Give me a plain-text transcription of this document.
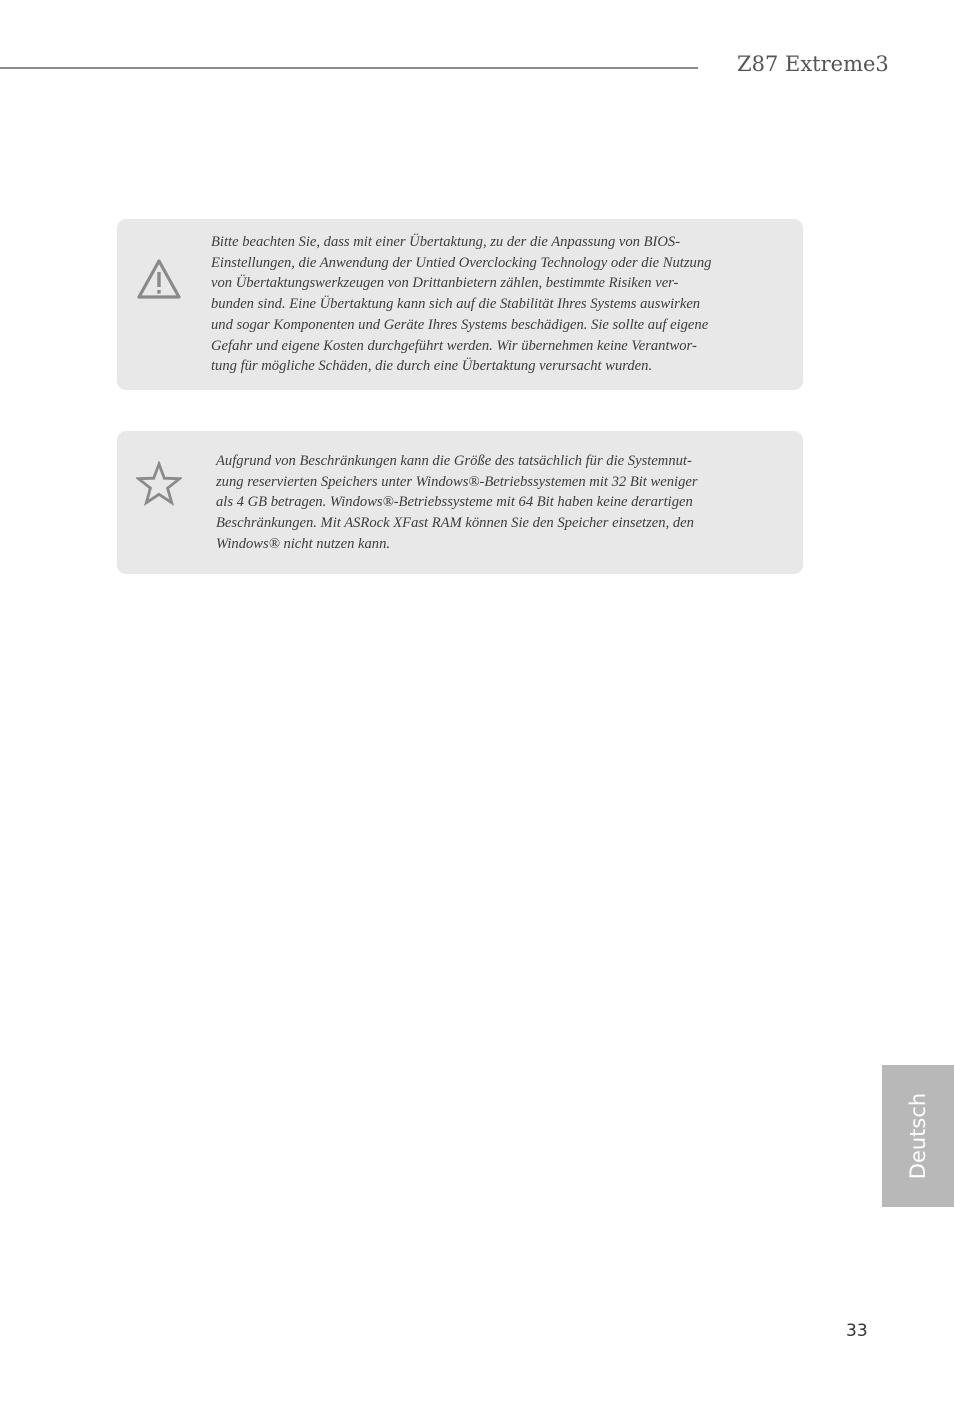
Z87 Extreme3

Bitte beachten Sie, dass mit einer Übertaktung, zu der die Anpassung von BIOS-
Einstellungen, die Anwendung der Untied Overclocking Technology oder die Nutzung
von Übertaktungswerkzeugen von Drittanbietern zählen, bestimmte Risiken ver-
bunden sind. Eine Übertaktung kann sich auf die Stabilität Ihres Systems auswirken
und sogar Komponenten und Geräte Ihres Systems beschädigen. Sie sollte auf eigene
Gefahr und eigene Kosten durchgeführt werden. Wir übernehmen keine Verantwor-
tung für mögliche Schäden, die durch eine Übertaktung verursacht wurden.

Aufgrund von Beschränkungen kann die Größe des tatsächlich für die Systemnut-
zung reservierten Speichers unter Windows®-Betriebssystemen mit 32 Bit weniger
als 4 GB betragen. Windows®-Betriebssysteme mit 64 Bit haben keine derartigen
Beschränkungen. Mit ASRock XFast RAM können Sie den Speicher einsetzen, den
Windows® nicht nutzen kann.

Deutsch
33
